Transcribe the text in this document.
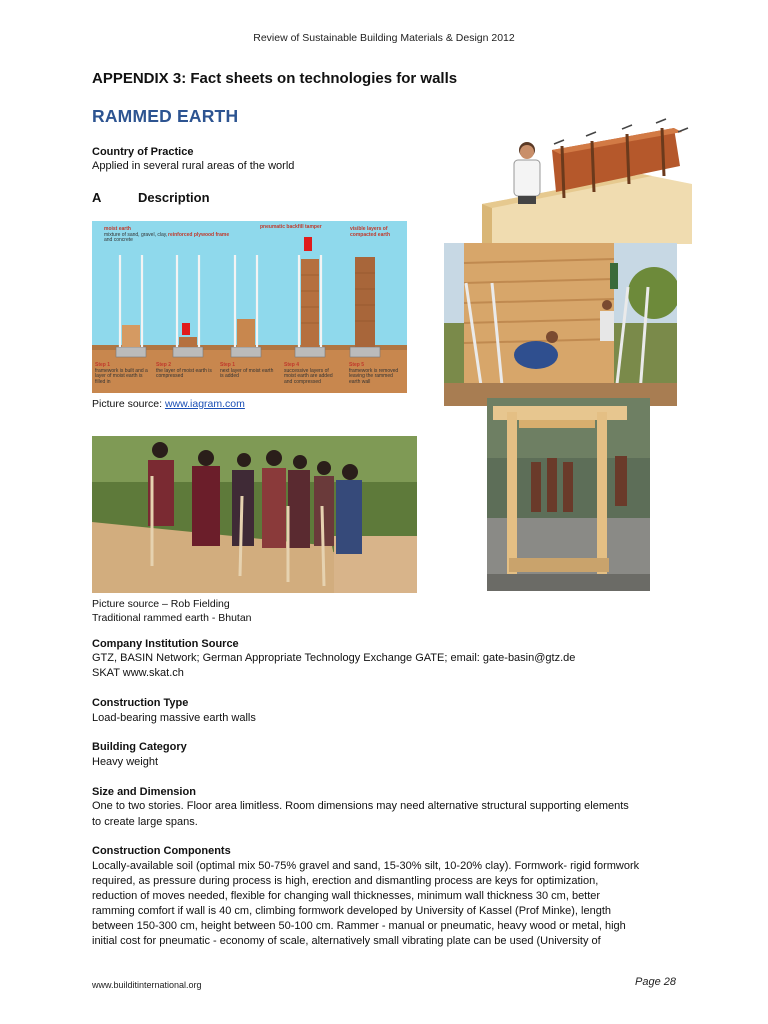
Review of Sustainable Building Materials & Design 2012
APPENDIX 3: Fact sheets on technologies for walls
RAMMED EARTH
Country of Practice
Applied in several rural areas of the world
A	Description
moist earth
mixture of sand, gravel, clay, and concrete
reinforced plywood frame
pneumatic backfill tamper	visible layers of compacted earth
Step 1
framework is built and a layer of moist earth is filled in
Step 2
the layer of moist earth is compressed
Step 1
next layer of moist earth is added
Step 4
successive layers of moist earth are added and compressed
Step 5
framework is removed leaving the rammed earth wall
Picture source: www.iagram.com
Picture source – Rob Fielding
Traditional rammed earth - Bhutan
Company Institution Source
GTZ, BASIN Network; German Appropriate Technology Exchange GATE; email: gate-basin@gtz.de
SKAT www.skat.ch
Construction Type
Load-bearing massive earth walls
Building Category
Heavy weight
Size and Dimension
One to two stories. Floor area limitless. Room dimensions may need alternative structural supporting elements
to create large spans.
Construction Components
Locally-available soil (optimal mix 50-75% gravel and sand, 15-30% silt, 10-20% clay). Formwork- rigid formwork
required, as pressure during process is high, erection and dismantling process are keys for optimization,
reduction of moves needed, flexible for changing wall thicknesses, minimum wall thickness 30 cm, better
ramming comfort if wall is 40 cm, climbing formwork developed by University of Kassel (Prof Minke), length
between 150-300 cm, height between 50-100 cm. Rammer - manual or pneumatic, heavy wood or metal, high
initial cost for pneumatic - economy of scale, alternatively small vibrating plate can be used (University of
www.builditinternational.org	Page 28
